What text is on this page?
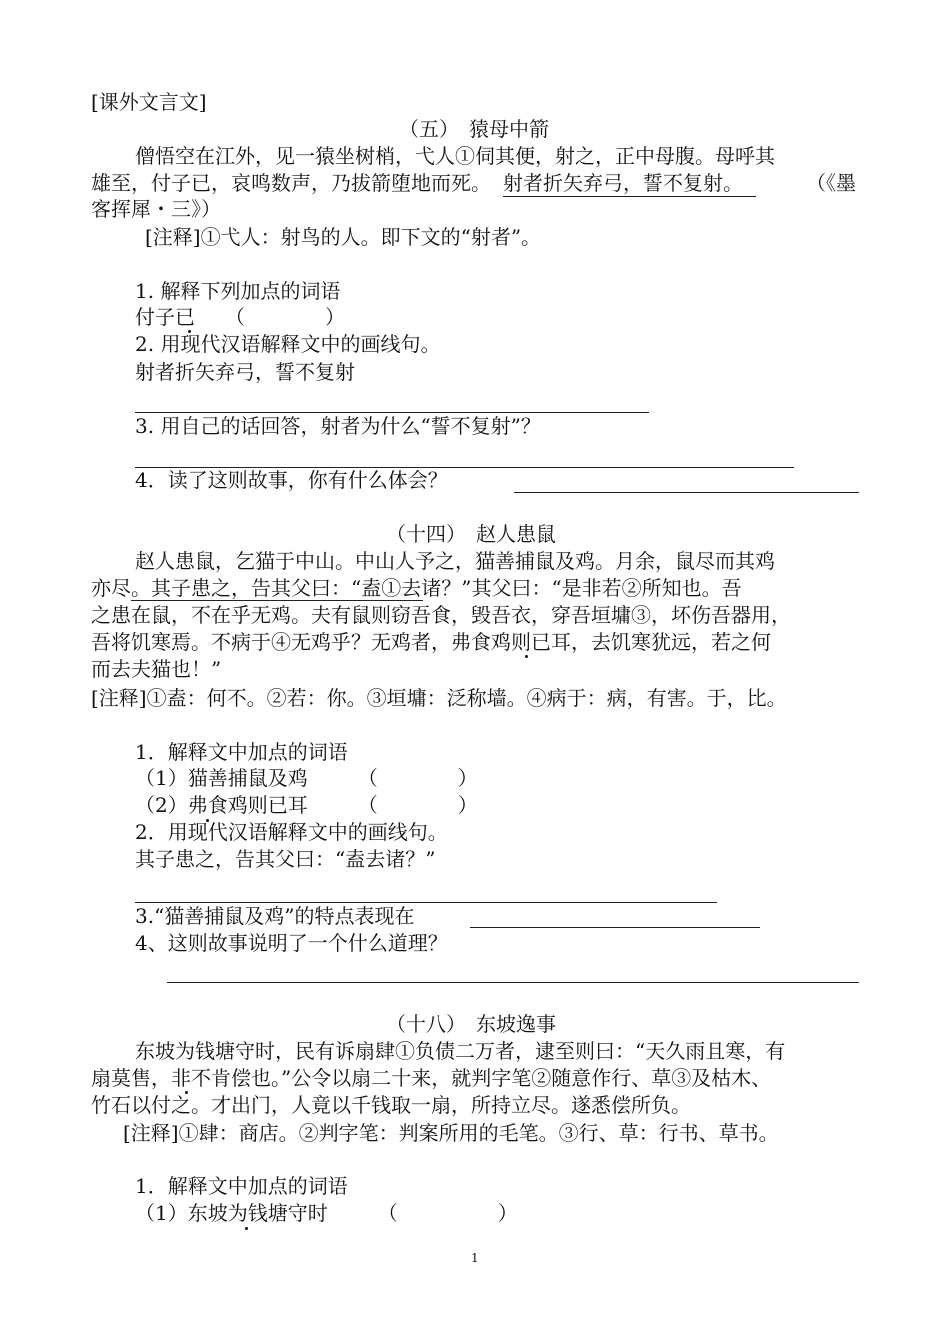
[课外文言文]
（五）　猿母中箭
僧悟空在江外，见一猿坐树梢，弋人①伺其便，射之，正中母腹。母呼其
雄至，付子已，哀鸣数声，乃拔箭堕地而死。 射者折矢弃弓，誓不复射。	（《墨
客挥犀・三》）
[注释]①弋人：射鸟的人。即下文的“射者”。
1. 解释下列加点的词语
付子已　　（　　　　）
2. 用现代汉语解释文中的画线句。
射者折矢弃弓，誓不复射
3. 用自己的话回答，射者为什么“誓不复射”？
4．读了这则故事，你有什么体会？
（十四）　赵人患鼠
赵人患鼠，乞猫于中山。中山人予之，猫善捕鼠及鸡。月余，鼠尽而其鸡
亦尽。其子患之，告其父曰：“盍①去诸？”其父曰：“是非若②所知也。吾
之患在鼠，不在乎无鸡。夫有鼠则窃吾食，毁吾衣，穿吾垣墉③，坏伤吾器用，
吾将饥寒焉。不病于④无鸡乎？无鸡者，弗食鸡则已耳，去饥寒犹远，若之何
而去夫猫也！”
[注释]①盍：何不。②若：你。③垣墉：泛称墙。④病于：病，有害。于，比。
1．解释文中加点的词语
（1）猫善捕鼠及鸡　　　（　　　　）
（2）弗食鸡则已耳　　　（　　　　）
2．用现代汉语解释文中的画线句。
其子患之，告其父曰：“盍去诸？”
3.“猫善捕鼠及鸡”的特点表现在
4、这则故事说明了一个什么道理？
（十八）　东坡逸事
东坡为钱塘守时，民有诉扇肆①负债二万者，逮至则曰：“天久雨且寒，有
扇莫售，非不肯偿也。”公令以扇二十来，就判字笔②随意作行、草③及枯木、
竹石以付之。才出门，人竟以千钱取一扇，所持立尽。遂悉偿所负。
[注释]①肆：商店。②判字笔：判案所用的毛笔。③行、草：行书、草书。
1．解释文中加点的词语
（1）东坡为钱塘守时　　　（　　　　　）
1
